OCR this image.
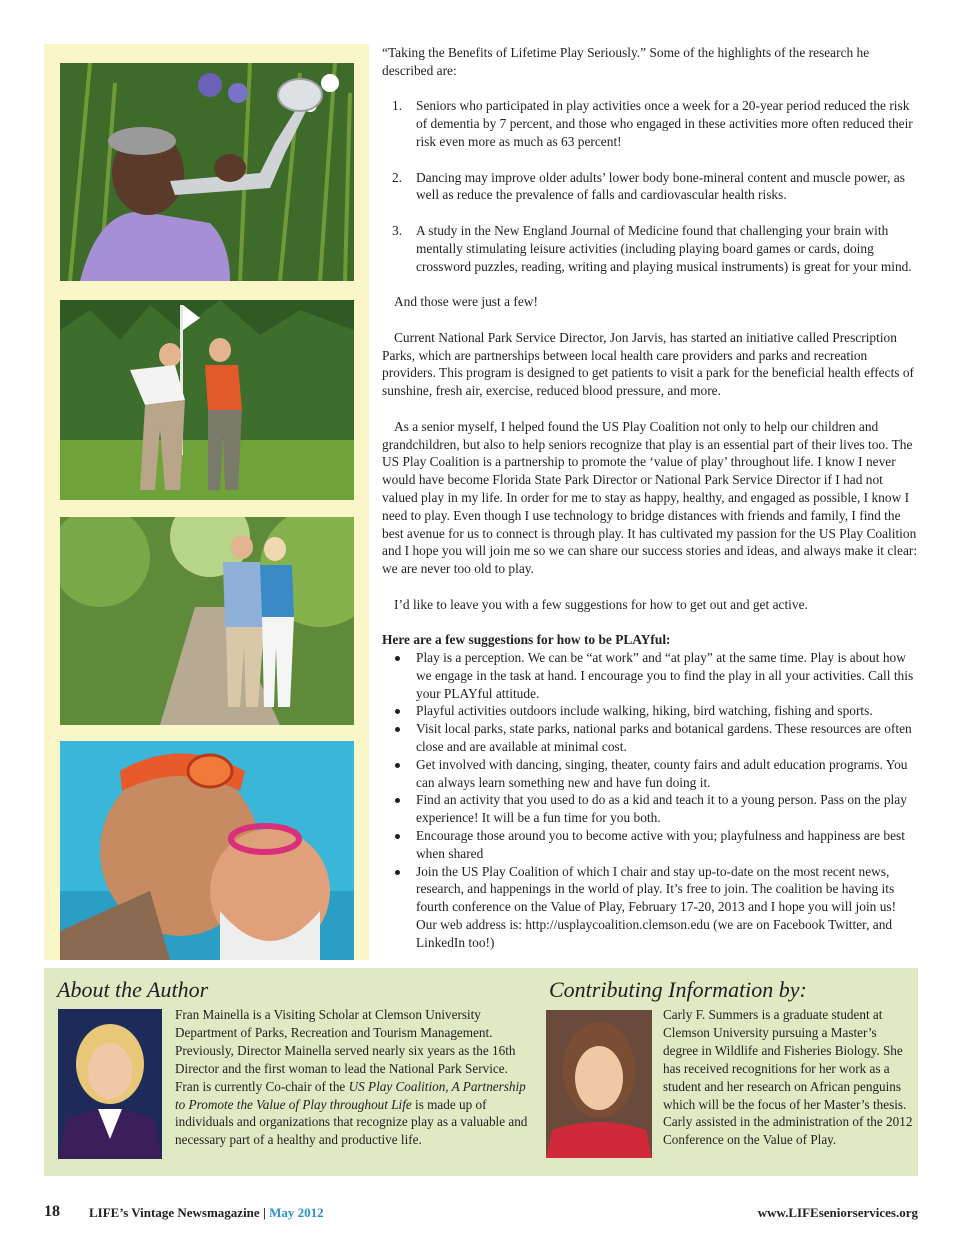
“Taking the Benefits of Lifetime Play Seriously.” Some of the highlights of the research he described are:

1. Seniors who participated in play activities once a week for a 20-year period reduced the risk of dementia by 7 percent, and those who engaged in these activities more often reduced their risk even more as much as 63 percent!
2. Dancing may improve older adults’ lower body bone-mineral content and muscle power, as well as reduce the prevalence of falls and cardiovascular health risks.
3. A study in the New England Journal of Medicine found that challenging your brain with mentally stimulating leisure activities (including playing board games or cards, doing crossword puzzles, reading, writing and playing musical instruments) is great for your mind.

And those were just a few!

Current National Park Service Director, Jon Jarvis, has started an initiative called Prescription Parks, which are partnerships between local health care providers and parks and recreation providers. This program is designed to get patients to visit a park for the beneficial health effects of sunshine, fresh air, exercise, reduced blood pressure, and more.

As a senior myself, I helped found the US Play Coalition not only to help our children and grandchildren, but also to help seniors recognize that play is an essential part of their lives too. The US Play Coalition is a partnership to promote the ‘value of play’ throughout life. I know I never would have become Florida State Park Director or National Park Service Director if I had not valued play in my life. In order for me to stay as happy, healthy, and engaged as possible, I know I need to play. Even though I use technology to bridge distances with friends and family, I find the best avenue for us to connect is through play. It has cultivated my passion for the US Play Coalition and I hope you will join me so we can share our success stories and ideas, and always make it clear: we are never too old to play.

I’d like to leave you with a few suggestions for how to get out and get active.

Here are a few suggestions for how to be PLAYful:
Play is a perception. We can be “at work” and “at play” at the same time. Play is about how we engage in the task at hand. I encourage you to find the play in all your activities. Call this your PLAYful attitude.
Playful activities outdoors include walking, hiking, bird watching, fishing and sports.
Visit local parks, state parks, national parks and botanical gardens. These resources are often close and are available at minimal cost.
Get involved with dancing, singing, theater, county fairs and adult education programs. You can always learn something new and have fun doing it.
Find an activity that you used to do as a kid and teach it to a young person. Pass on the play experience! It will be a fun time for you both.
Encourage those around you to become active with you; playfulness and happiness are best when shared
Join the US Play Coalition of which I chair and stay up-to-date on the most recent news, research, and happenings in the world of play. It’s free to join. The coalition be having its fourth conference on the Value of Play, February 17-20, 2013 and I hope you will join us! Our web address is: http://usplaycoalition.clemson.edu (we are on Facebook Twitter, and LinkedIn too!)
About the Author
Fran Mainella is a Visiting Scholar at Clemson University Department of Parks, Recreation and Tourism Management. Previously, Director Mainella served nearly six years as the 16th Director and the first woman to lead the National Park Service. Fran is currently Co-chair of the US Play Coalition, A Partnership to Promote the Value of Play throughout Life is made up of individuals and organizations that recognize play as a valuable and necessary part of a healthy and productive life.
Contributing Information by:
Carly F. Summers is a graduate student at Clemson University pursuing a Master’s degree in Wildlife and Fisheries Biology. She has received recognitions for her work as a student and her research on African penguins which will be the focus of her Master’s thesis. Carly assisted in the administration of the 2012 Conference on the Value of Play.
18 LIFE’s Vintage Newsmagazine | May 2012	www.LIFEseniorservices.org
